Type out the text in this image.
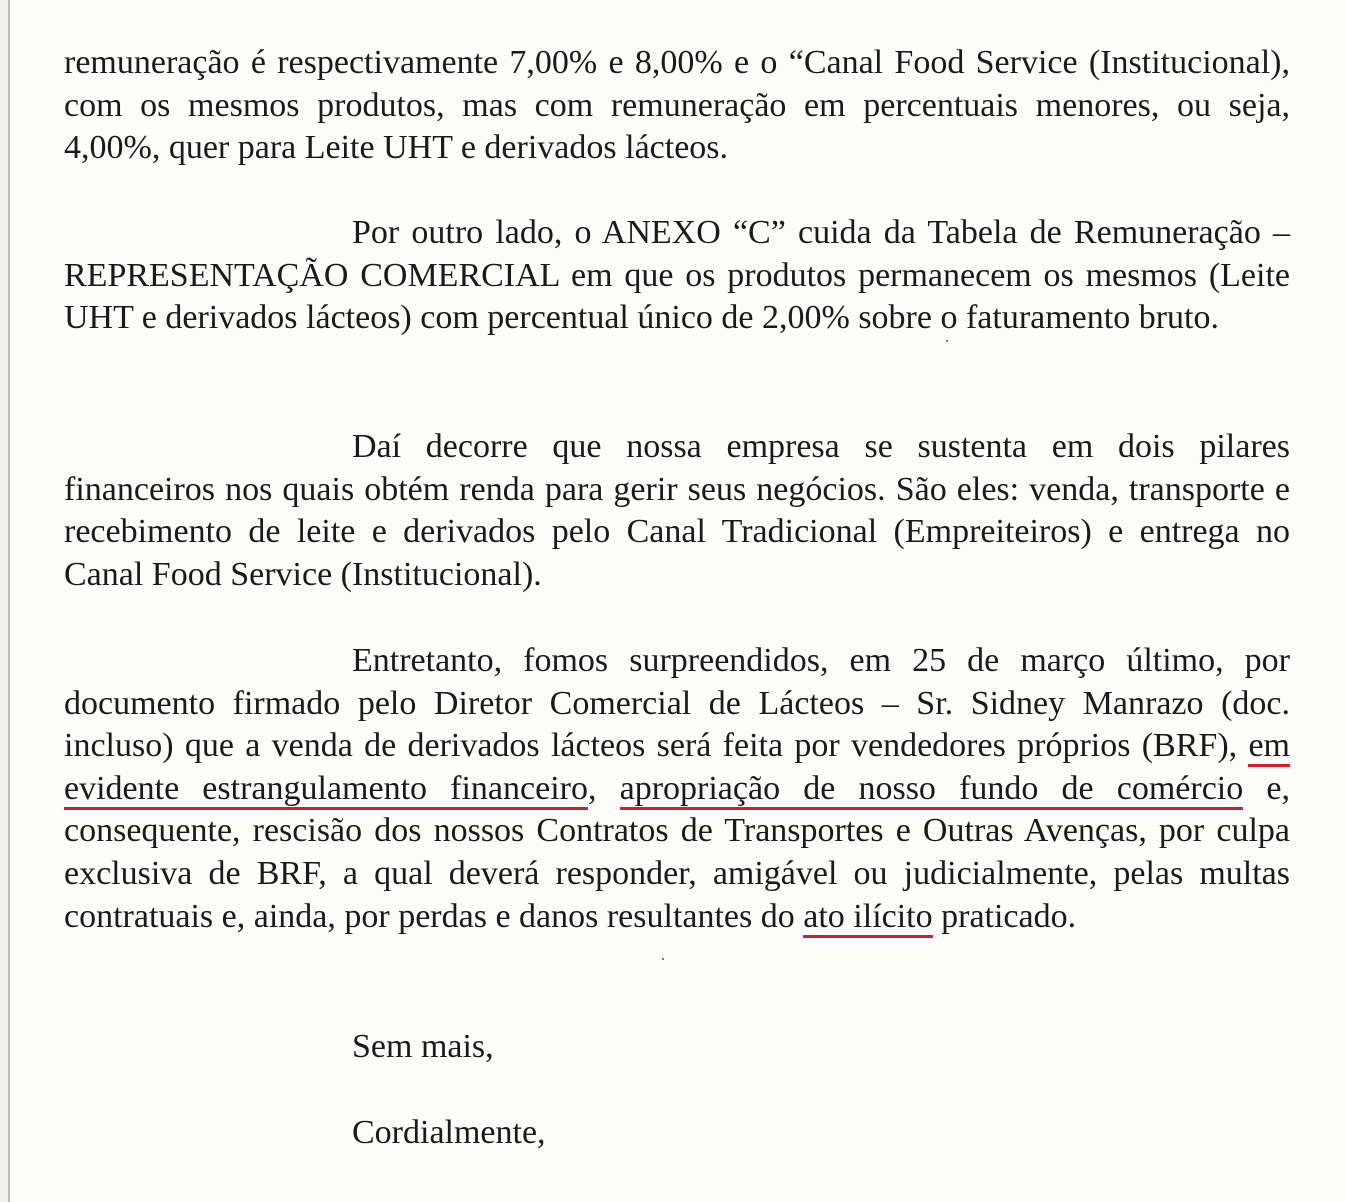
remuneração é respectivamente 7,00% e 8,00% e o “Canal Food Service (Institucional), com os mesmos produtos, mas com remuneração em percentuais menores, ou seja, 4,00%, quer para Leite UHT e derivados lácteos.

Por outro lado, o ANEXO “C” cuida da Tabela de Remuneração – REPRESENTAÇÃO COMERCIAL em que os produtos permanecem os mesmos (Leite UHT e derivados lácteos) com percentual único de 2,00% sobre o faturamento bruto.

Daí decorre que nossa empresa se sustenta em dois pilares financeiros nos quais obtém renda para gerir seus negócios. São eles: venda, transporte e recebimento de leite e derivados pelo Canal Tradicional (Empreiteiros) e entrega no Canal Food Service (Institucional).

Entretanto, fomos surpreendidos, em 25 de março último, por documento firmado pelo Diretor Comercial de Lácteos – Sr. Sidney Manrazo (doc. incluso) que a venda de derivados lácteos será feita por vendedores próprios (BRF), em evidente estrangulamento financeiro, apropriação de nosso fundo de comércio e, consequente, rescisão dos nossos Contratos de Transportes e Outras Avenças, por culpa exclusiva de BRF, a qual deverá responder, amigável ou judicialmente, pelas multas contratuais e, ainda, por perdas e danos resultantes do ato ilícito praticado.

Sem mais,
Cordialmente,
